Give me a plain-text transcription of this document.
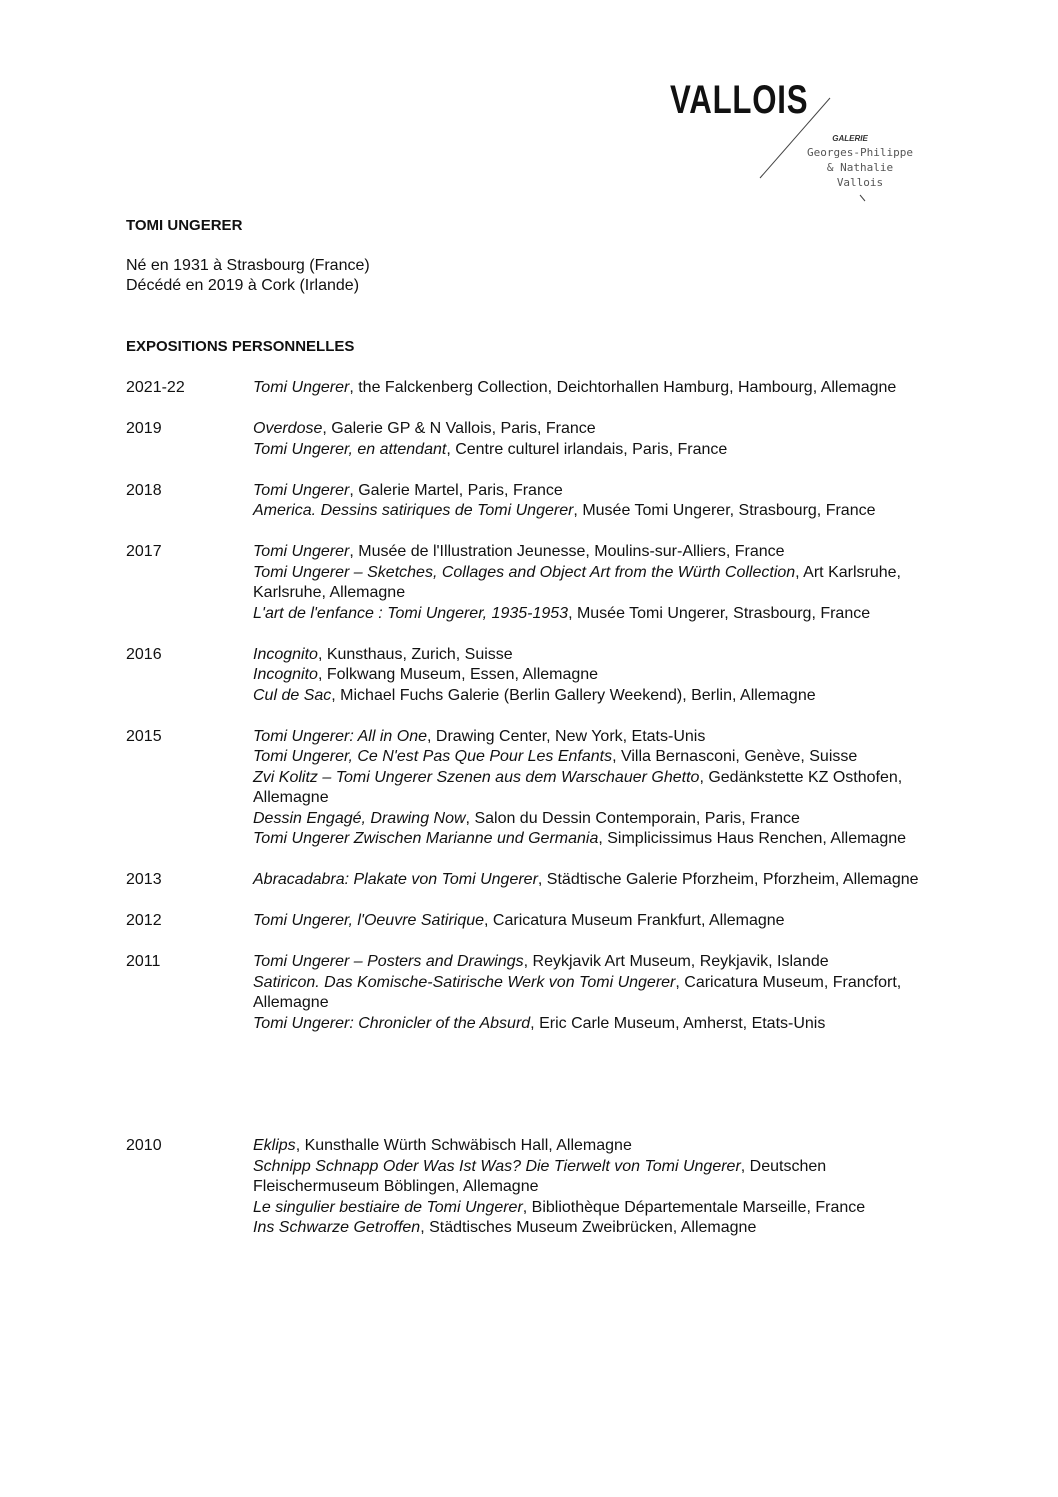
VALLOIS
GALERIE
Georges-Philippe
& Nathalie
Vallois
TOMI UNGERER
Né en 1931 à Strasbourg (France)
Décédé en 2019 à Cork (Irlande)
EXPOSITIONS PERSONNELLES
2021-22	Tomi Ungerer, the Falckenberg Collection, Deichtorhallen Hamburg, Hambourg, Allemagne
2019	Overdose, Galerie GP & N Vallois, Paris, France
Tomi Ungerer, en attendant, Centre culturel irlandais, Paris, France
2018	Tomi Ungerer, Galerie Martel, Paris, France
America. Dessins satiriques de Tomi Ungerer, Musée Tomi Ungerer, Strasbourg, France
2017	Tomi Ungerer, Musée de l'Illustration Jeunesse, Moulins-sur-Alliers, France
Tomi Ungerer – Sketches, Collages and Object Art from the Würth Collection, Art Karlsruhe, Karlsruhe, Allemagne
L'art de l'enfance : Tomi Ungerer, 1935-1953, Musée Tomi Ungerer, Strasbourg, France
2016	Incognito, Kunsthaus, Zurich, Suisse
Incognito, Folkwang Museum, Essen, Allemagne
Cul de Sac, Michael Fuchs Galerie (Berlin Gallery Weekend), Berlin, Allemagne
2015	Tomi Ungerer: All in One, Drawing Center, New York, Etats-Unis
Tomi Ungerer, Ce N'est Pas Que Pour Les Enfants, Villa Bernasconi, Genève, Suisse
Zvi Kolitz – Tomi Ungerer Szenen aus dem Warschauer Ghetto, Gedänkstette KZ Osthofen, Allemagne
Dessin Engagé, Drawing Now, Salon du Dessin Contemporain, Paris, France
Tomi Ungerer Zwischen Marianne und Germania, Simplicissimus Haus Renchen, Allemagne
2013	Abracadabra: Plakate von Tomi Ungerer, Städtische Galerie Pforzheim, Pforzheim, Allemagne
2012	Tomi Ungerer, l'Oeuvre Satirique, Caricatura Museum Frankfurt, Allemagne
2011	Tomi Ungerer – Posters and Drawings, Reykjavik Art Museum, Reykjavik, Islande
Satiricon. Das Komische-Satirische Werk von Tomi Ungerer, Caricatura Museum, Francfort, Allemagne
Tomi Ungerer: Chronicler of the Absurd, Eric Carle Museum, Amherst, Etats-Unis
2010	Eklips, Kunsthalle Würth Schwäbisch Hall, Allemagne
Schnipp Schnapp Oder Was Ist Was? Die Tierwelt von Tomi Ungerer, Deutschen Fleischermuseum Böblingen, Allemagne
Le singulier bestiaire de Tomi Ungerer, Bibliothèque Départementale Marseille, France
Ins Schwarze Getroffen, Städtisches Museum Zweibrücken, Allemagne
